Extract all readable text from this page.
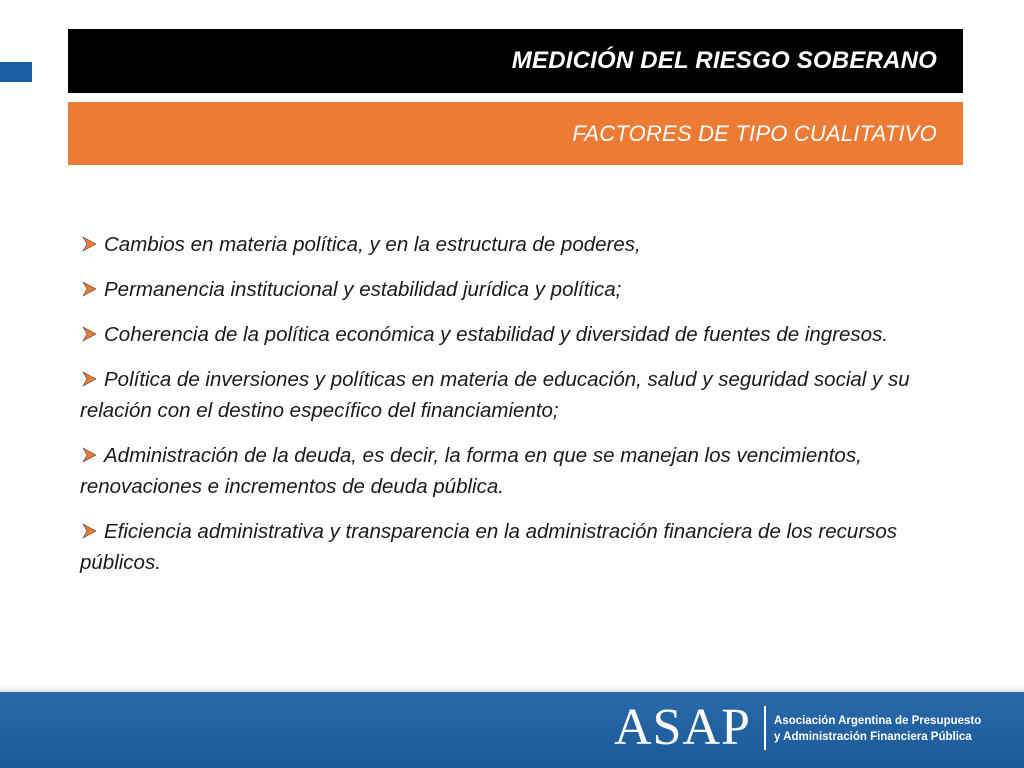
MEDICIÓN DEL RIESGO SOBERANO
FACTORES DE TIPO CUALITATIVO
Cambios en materia política, y en la estructura de poderes,
Permanencia institucional y estabilidad jurídica y política;
Coherencia de la política económica y estabilidad y diversidad de fuentes de ingresos.
Política de inversiones y políticas en materia de educación, salud y seguridad social y su relación con el destino específico del financiamiento;
Administración de la deuda, es decir, la forma en que se manejan los vencimientos, renovaciones e incrementos de deuda pública.
Eficiencia administrativa y transparencia en la administración financiera de los recursos públicos.
ASAP Asociación Argentina de Presupuesto
y Administración Financiera Pública
